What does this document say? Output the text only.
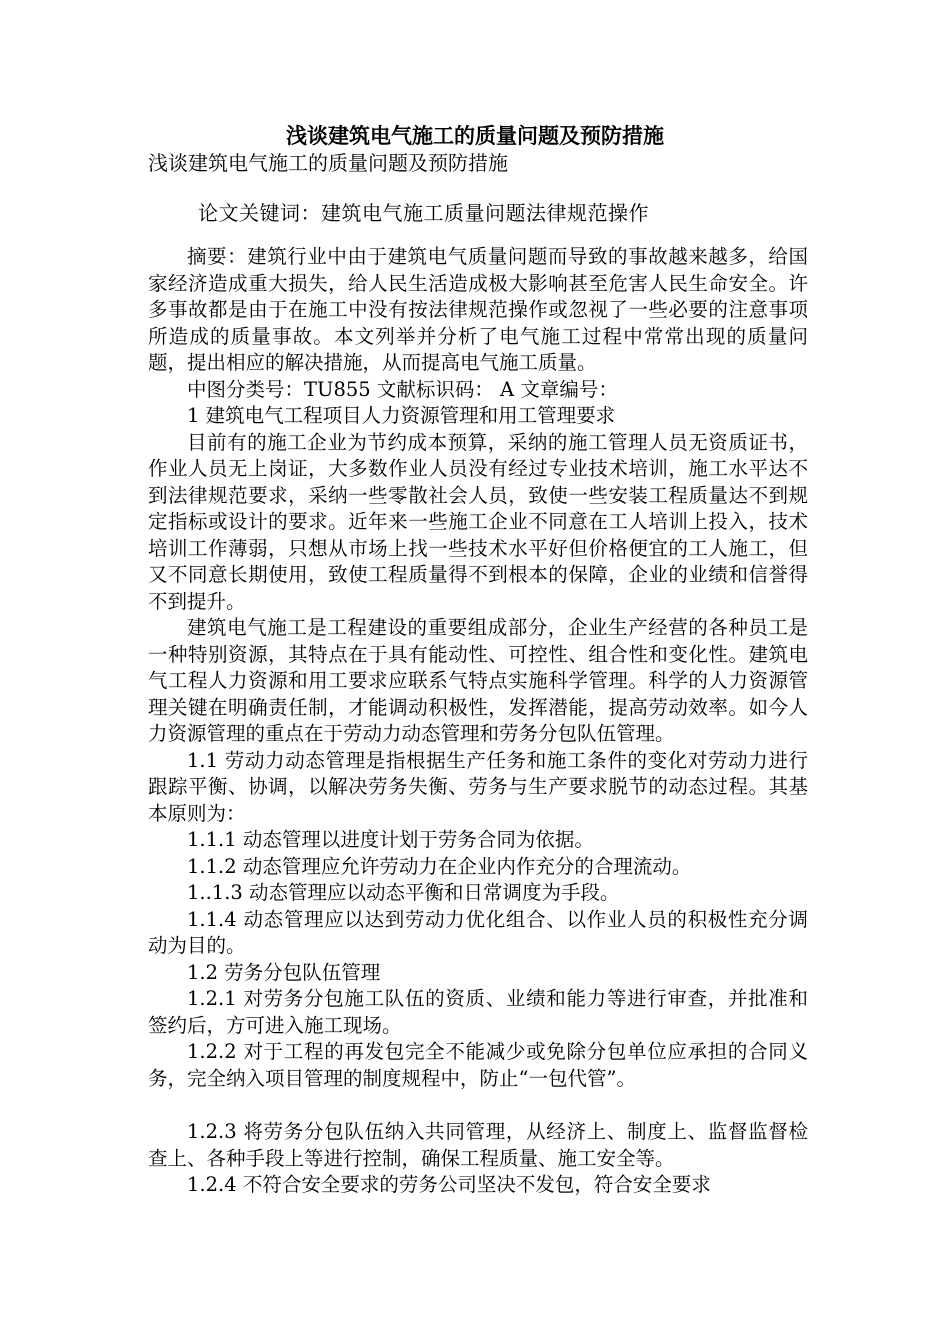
浅谈建筑电气施工的质量问题及预防措施

浅谈建筑电气施工的质量问题及预防措施

论文关键词：建筑电气施工质量问题法律规范操作

摘要：建筑行业中由于建筑电气质量问题而导致的事故越来越多，给国家经济造成重大损失，给人民生活造成极大影响甚至危害人民生命安全。许多事故都是由于在施工中没有按法律规范操作或忽视了一些必要的注意事项所造成的质量事故。本文列举并分析了电气施工过程中常常出现的质量问题，提出相应的解决措施，从而提高电气施工质量。

中图分类号：TU855 文献标识码： A 文章编号：

1 建筑电气工程项目人力资源管理和用工管理要求

目前有的施工企业为节约成本预算，采纳的施工管理人员无资质证书，作业人员无上岗证，大多数作业人员没有经过专业技术培训，施工水平达不到法律规范要求，采纳一些零散社会人员，致使一些安装工程质量达不到规定指标或设计的要求。近年来一些施工企业不同意在工人培训上投入，技术培训工作薄弱，只想从市场上找一些技术水平好但价格便宜的工人施工，但又不同意长期使用，致使工程质量得不到根本的保障，企业的业绩和信誉得不到提升。

建筑电气施工是工程建设的重要组成部分，企业生产经营的各种员工是一种特别资源，其特点在于具有能动性、可控性、组合性和变化性。建筑电气工程人力资源和用工要求应联系气特点实施科学管理。科学的人力资源管理关键在明确责任制，才能调动积极性，发挥潜能，提高劳动效率。如今人力资源管理的重点在于劳动力动态管理和劳务分包队伍管理。

1.1 劳动力动态管理是指根据生产任务和施工条件的变化对劳动力进行跟踪平衡、协调，以解决劳务失衡、劳务与生产要求脱节的动态过程。其基本原则为：

1.1.1 动态管理以进度计划于劳务合同为依据。

1.1.2 动态管理应允许劳动力在企业内作充分的合理流动。

1..1.3 动态管理应以动态平衡和日常调度为手段。

1.1.4 动态管理应以达到劳动力优化组合、以作业人员的积极性充分调动为目的。

1.2 劳务分包队伍管理

1.2.1 对劳务分包施工队伍的资质、业绩和能力等进行审查，并批准和签约后，方可进入施工现场。

1.2.2 对于工程的再发包完全不能减少或免除分包单位应承担的合同义务，完全纳入项目管理的制度规程中，防止“一包代管”。

1.2.3 将劳务分包队伍纳入共同管理，从经济上、制度上、监督监督检查上、各种手段上等进行控制，确保工程质量、施工安全等。

1.2.4 不符合安全要求的劳务公司坚决不发包，符合安全要求
